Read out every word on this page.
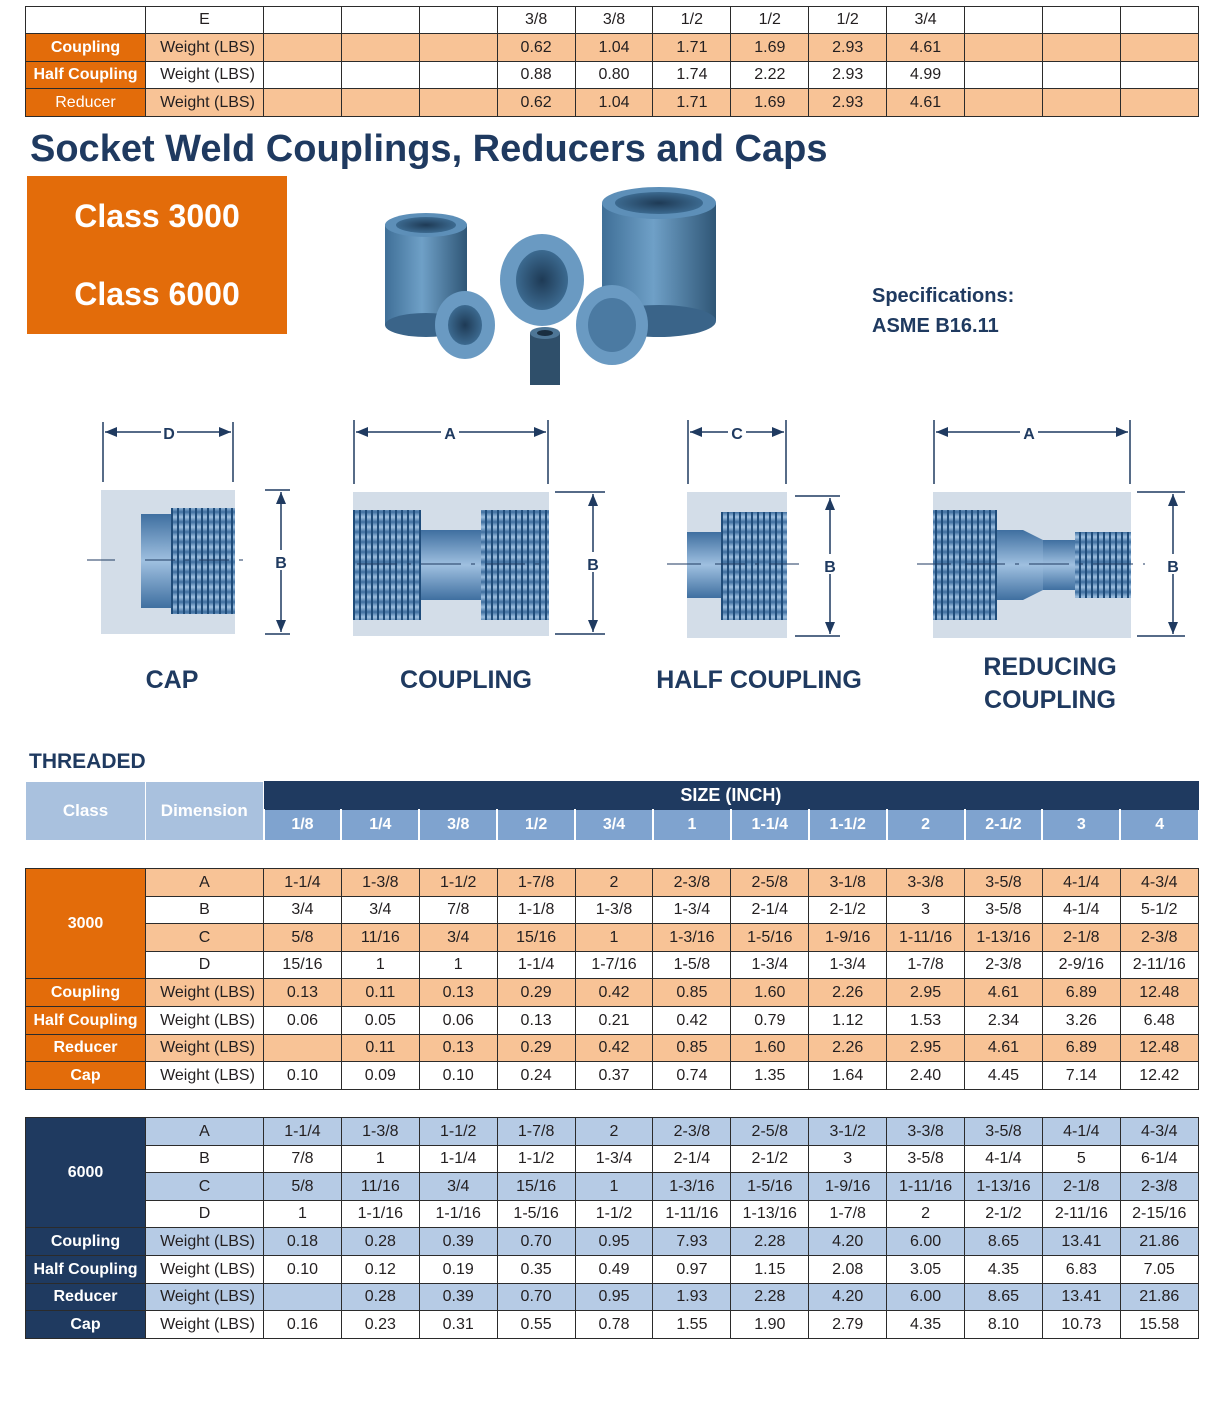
	E				3/8	3/8	1/2	1/2	1/2	3/4			
Coupling	Weight (LBS)				0.62	1.04	1.71	1.69	2.93	4.61			
Half Coupling	Weight (LBS)				0.88	0.80	1.74	2.22	2.93	4.99			
Reducer	Weight (LBS)				0.62	1.04	1.71	1.69	2.93	4.61			
Socket Weld Couplings, Reducers and Caps
Class 3000
Class 6000	Specifications:
ASME B16.11
D
B
A
B
C
B
A
B
CAP	COUPLING	HALF COUPLING	REDUCING
COUPLING
THREADED
Class	Dimension	SIZE (INCH)											
		1/8	1/4	3/8	1/2	3/4	1	1-1/4	1-1/2	2	2-1/2	3	4
3000	A	1-1/4	1-3/8	1-1/2	1-7/8	2	2-3/8	2-5/8	3-1/8	3-3/8	3-5/8	4-1/4	4-3/4
	B	3/4	3/4	7/8	1-1/8	1-3/8	1-3/4	2-1/4	2-1/2	3	3-5/8	4-1/4	5-1/2
	C	5/8	11/16	3/4	15/16	1	1-3/16	1-5/16	1-9/16	1-11/16	1-13/16	2-1/8	2-3/8
	D	15/16	1	1	1-1/4	1-7/16	1-5/8	1-3/4	1-3/4	1-7/8	2-3/8	2-9/16	2-11/16
Coupling	Weight (LBS)	0.13	0.11	0.13	0.29	0.42	0.85	1.60	2.26	2.95	4.61	6.89	12.48
Half Coupling	Weight (LBS)	0.06	0.05	0.06	0.13	0.21	0.42	0.79	1.12	1.53	2.34	3.26	6.48
Reducer	Weight (LBS)		0.11	0.13	0.29	0.42	0.85	1.60	2.26	2.95	4.61	6.89	12.48
Cap	Weight (LBS)	0.10	0.09	0.10	0.24	0.37	0.74	1.35	1.64	2.40	4.45	7.14	12.42
6000	A	1-1/4	1-3/8	1-1/2	1-7/8	2	2-3/8	2-5/8	3-1/2	3-3/8	3-5/8	4-1/4	4-3/4
	B	7/8	1	1-1/4	1-1/2	1-3/4	2-1/4	2-1/2	3	3-5/8	4-1/4	5	6-1/4
	C	5/8	11/16	3/4	15/16	1	1-3/16	1-5/16	1-9/16	1-11/16	1-13/16	2-1/8	2-3/8
	D	1	1-1/16	1-1/16	1-5/16	1-1/2	1-11/16	1-13/16	1-7/8	2	2-1/2	2-11/16	2-15/16
Coupling	Weight (LBS)	0.18	0.28	0.39	0.70	0.95	7.93	2.28	4.20	6.00	8.65	13.41	21.86
Half Coupling	Weight (LBS)	0.10	0.12	0.19	0.35	0.49	0.97	1.15	2.08	3.05	4.35	6.83	7.05
Reducer	Weight (LBS)		0.28	0.39	0.70	0.95	1.93	2.28	4.20	6.00	8.65	13.41	21.86
Cap	Weight (LBS)	0.16	0.23	0.31	0.55	0.78	1.55	1.90	2.79	4.35	8.10	10.73	15.58
